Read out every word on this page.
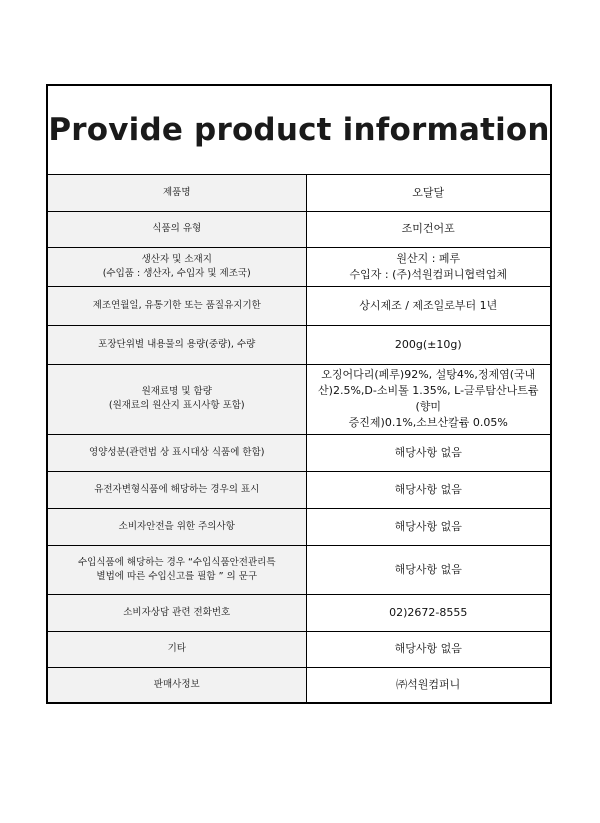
Provide product information
제품명	오달달

식품의 유형	조미건어포

생산자 및 소재지
(수입품 : 생산자, 수입자 및 제조국)	원산지 : 페루
수입자 : (주)석원컴퍼니협력업체

제조연월일, 유통기한 또는 품질유지기한	상시제조 / 제조일로부터 1년

포장단위별 내용물의 용량(중량), 수량	200g(±10g)

원재료명 및 함량
(원재료의 원산지 표시사항 포함)	오징어다리(페루)92%, 설탕4%,정제염(국내
산)2.5%,D-소비톨 1.35%, L-글루탐산나트륨(향미
증진제)0.1%,소브산칼륨 0.05%

영양성분(관련법 상 표시대상 식품에 한함)	해당사항 없음

유전자변형식품에 해당하는 경우의 표시	해당사항 없음

소비자안전을 위한 주의사항	해당사항 없음

수입식품에 해당하는 경우 “수입식품안전관리특
별법에 따른 수입신고를 필함 ” 의 문구	해당사항 없음

소비자상담 관련 전화번호	02)2672-8555

기타	해당사항 없음

판매사정보	㈜석원컴퍼니
